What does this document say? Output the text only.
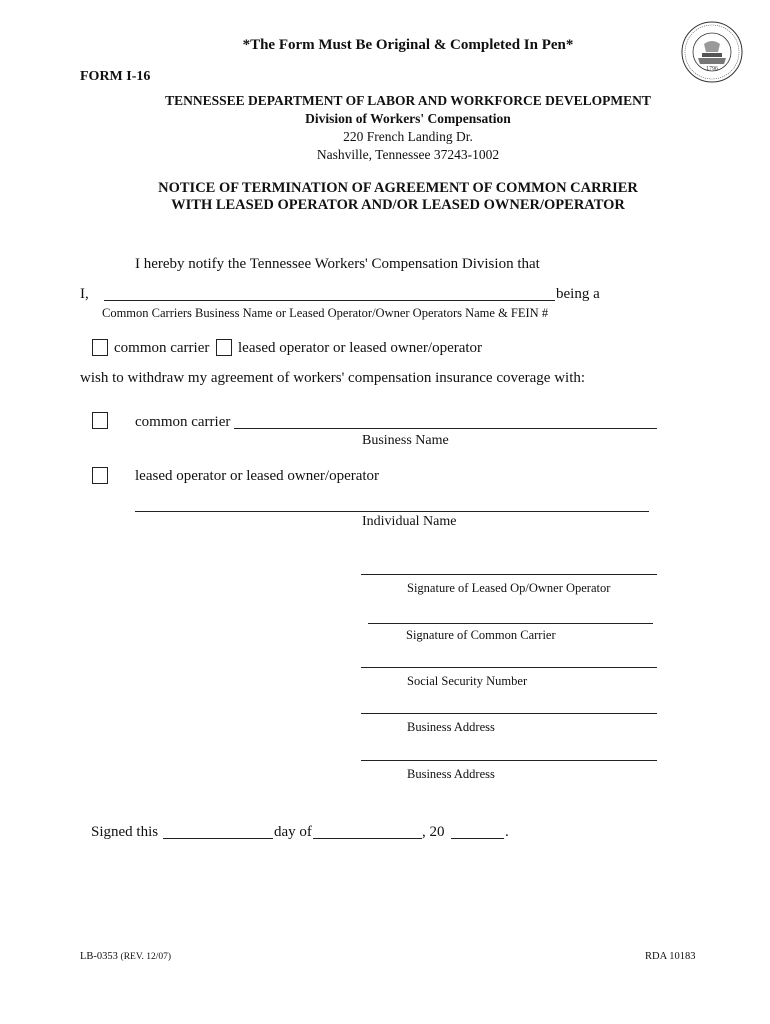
*The Form Must Be Original & Completed In Pen*
1796
FORM I-16
TENNESSEE DEPARTMENT OF LABOR AND WORKFORCE DEVELOPMENT
Division of Workers' Compensation
220 French Landing Dr.
Nashville, Tennessee 37243-1002
NOTICE OF TERMINATION OF AGREEMENT OF COMMON CARRIER
WITH LEASED OPERATOR AND/OR LEASED OWNER/OPERATOR
I hereby notify the Tennessee Workers' Compensation Division that
I,	being a
Common Carriers Business Name or Leased Operator/Owner Operators Name & FEIN #
common carrier leased operator or leased owner/operator
wish to withdraw my agreement of workers' compensation insurance coverage with:
common carrier
Business Name
leased operator or leased owner/operator
Individual Name
Signature of Leased Op/Owner Operator
Signature of Common Carrier
Social Security Number
Business Address
Business Address
Signed this	day of	, 20	.
LB-0353 (REV. 12/07)	RDA 10183
